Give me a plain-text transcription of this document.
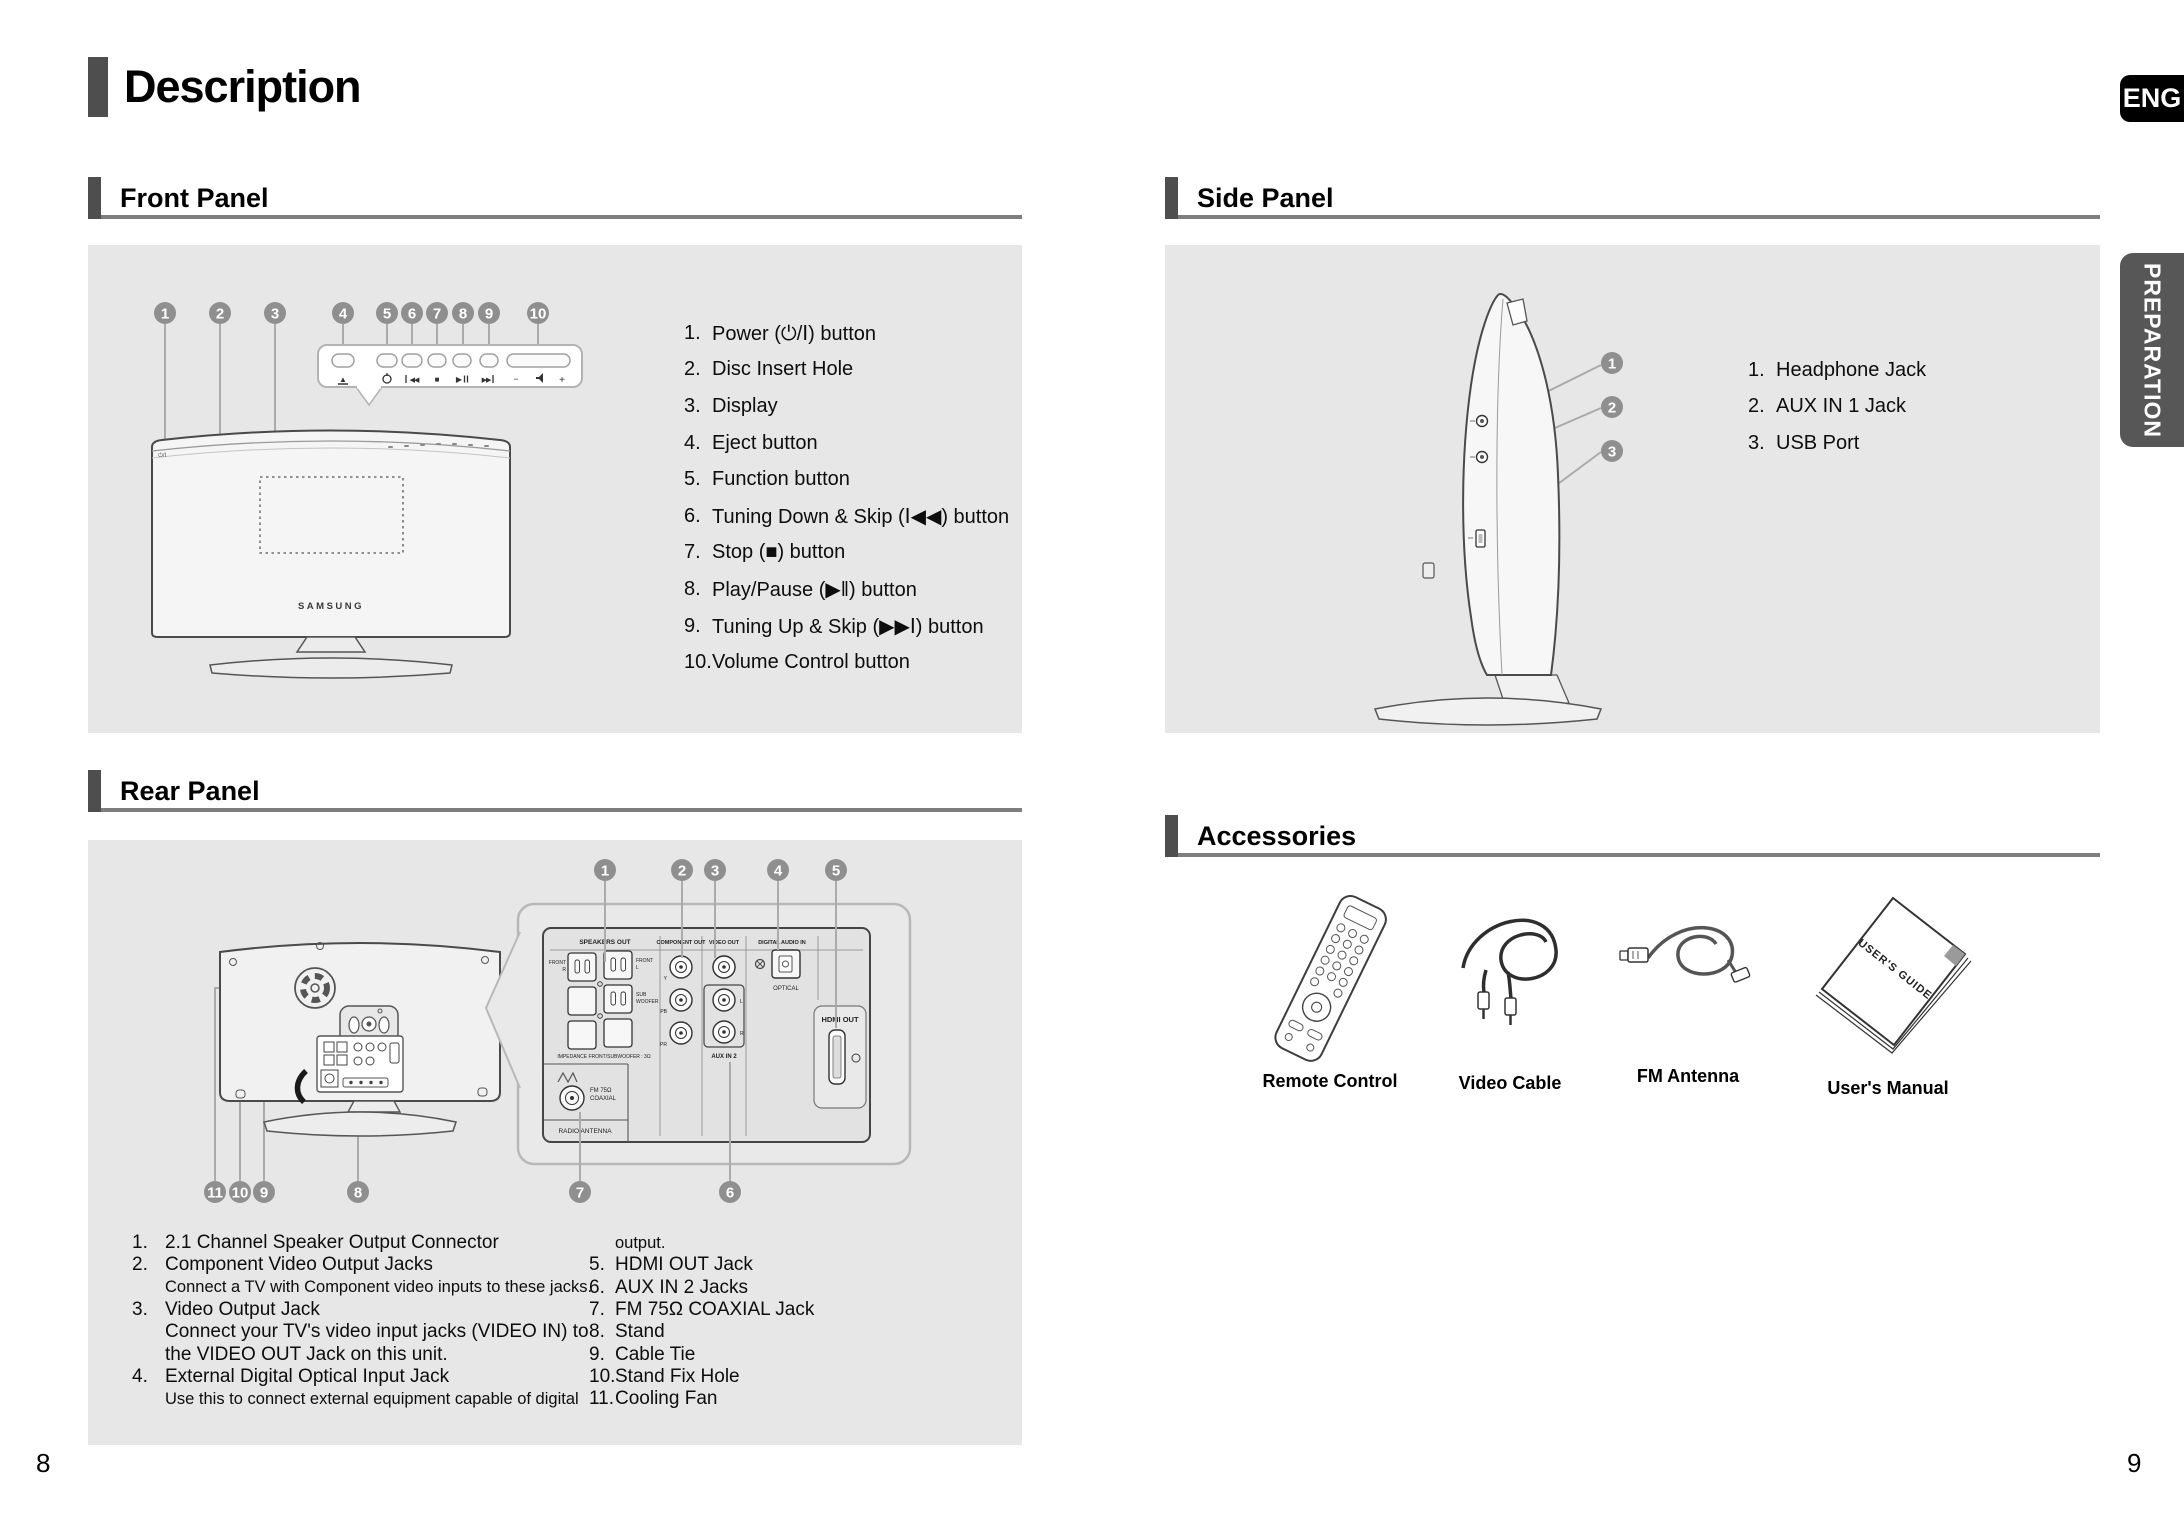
Description	ENG
PREPARATION
8	9
Front Panel	Side Panel
Rear Panel
Accessories
⏻/Ⅰ
SAMSUNG
▲	◀◀ ■ ▶	▶▶	−	+
1	2	3	4 5 6 7 8 9 10
1. Power (⏻/Ⅰ) button
2. Disc Insert Hole
3. Display
4. Eject button
5. Function button
6. Tuning Down & Skip (Ⅰ◀◀) button
7. Stop (■) button
8. Play/Pause (▶‖) button
9. Tuning Up & Skip (▶▶Ⅰ) button
10. Volume Control button
1
2
3
1. Headphone Jack
2. AUX IN 1 Jack
3. USB Port
SPEAKERS OUT	COMPONENT OUT VIDEO OUT	DIGITAL AUDIO IN
FRONT
R
FRONT
L
SUB
WOOFER
IMPEDANCE FRONT/SUBWOOFER : 3Ω
Y
PB
PR
L
R
AUX IN 2
OPTICAL
HDMI OUT
FM 75Ω
COAXIAL
RADIO ANTENNA
1	2 3	4	5
7	6
11 10 9	8
1. 2.1 Channel Speaker Output Connector
2. Component Video Output Jacks
Connect a TV with Component video inputs to these jacks.
3. Video Output Jack
Connect your TV's video input jacks (VIDEO IN) to
the VIDEO OUT Jack on this unit.
4. External Digital Optical Input Jack
Use this to connect external equipment capable of digital
output.
5. HDMI OUT Jack
6. AUX IN 2 Jacks
7. FM 75Ω COAXIAL Jack
8. Stand
9. Cable Tie
10. Stand Fix Hole
11. Cooling Fan
USER'S GUIDE
Remote Control	Video Cable	FM Antenna
User's Manual
